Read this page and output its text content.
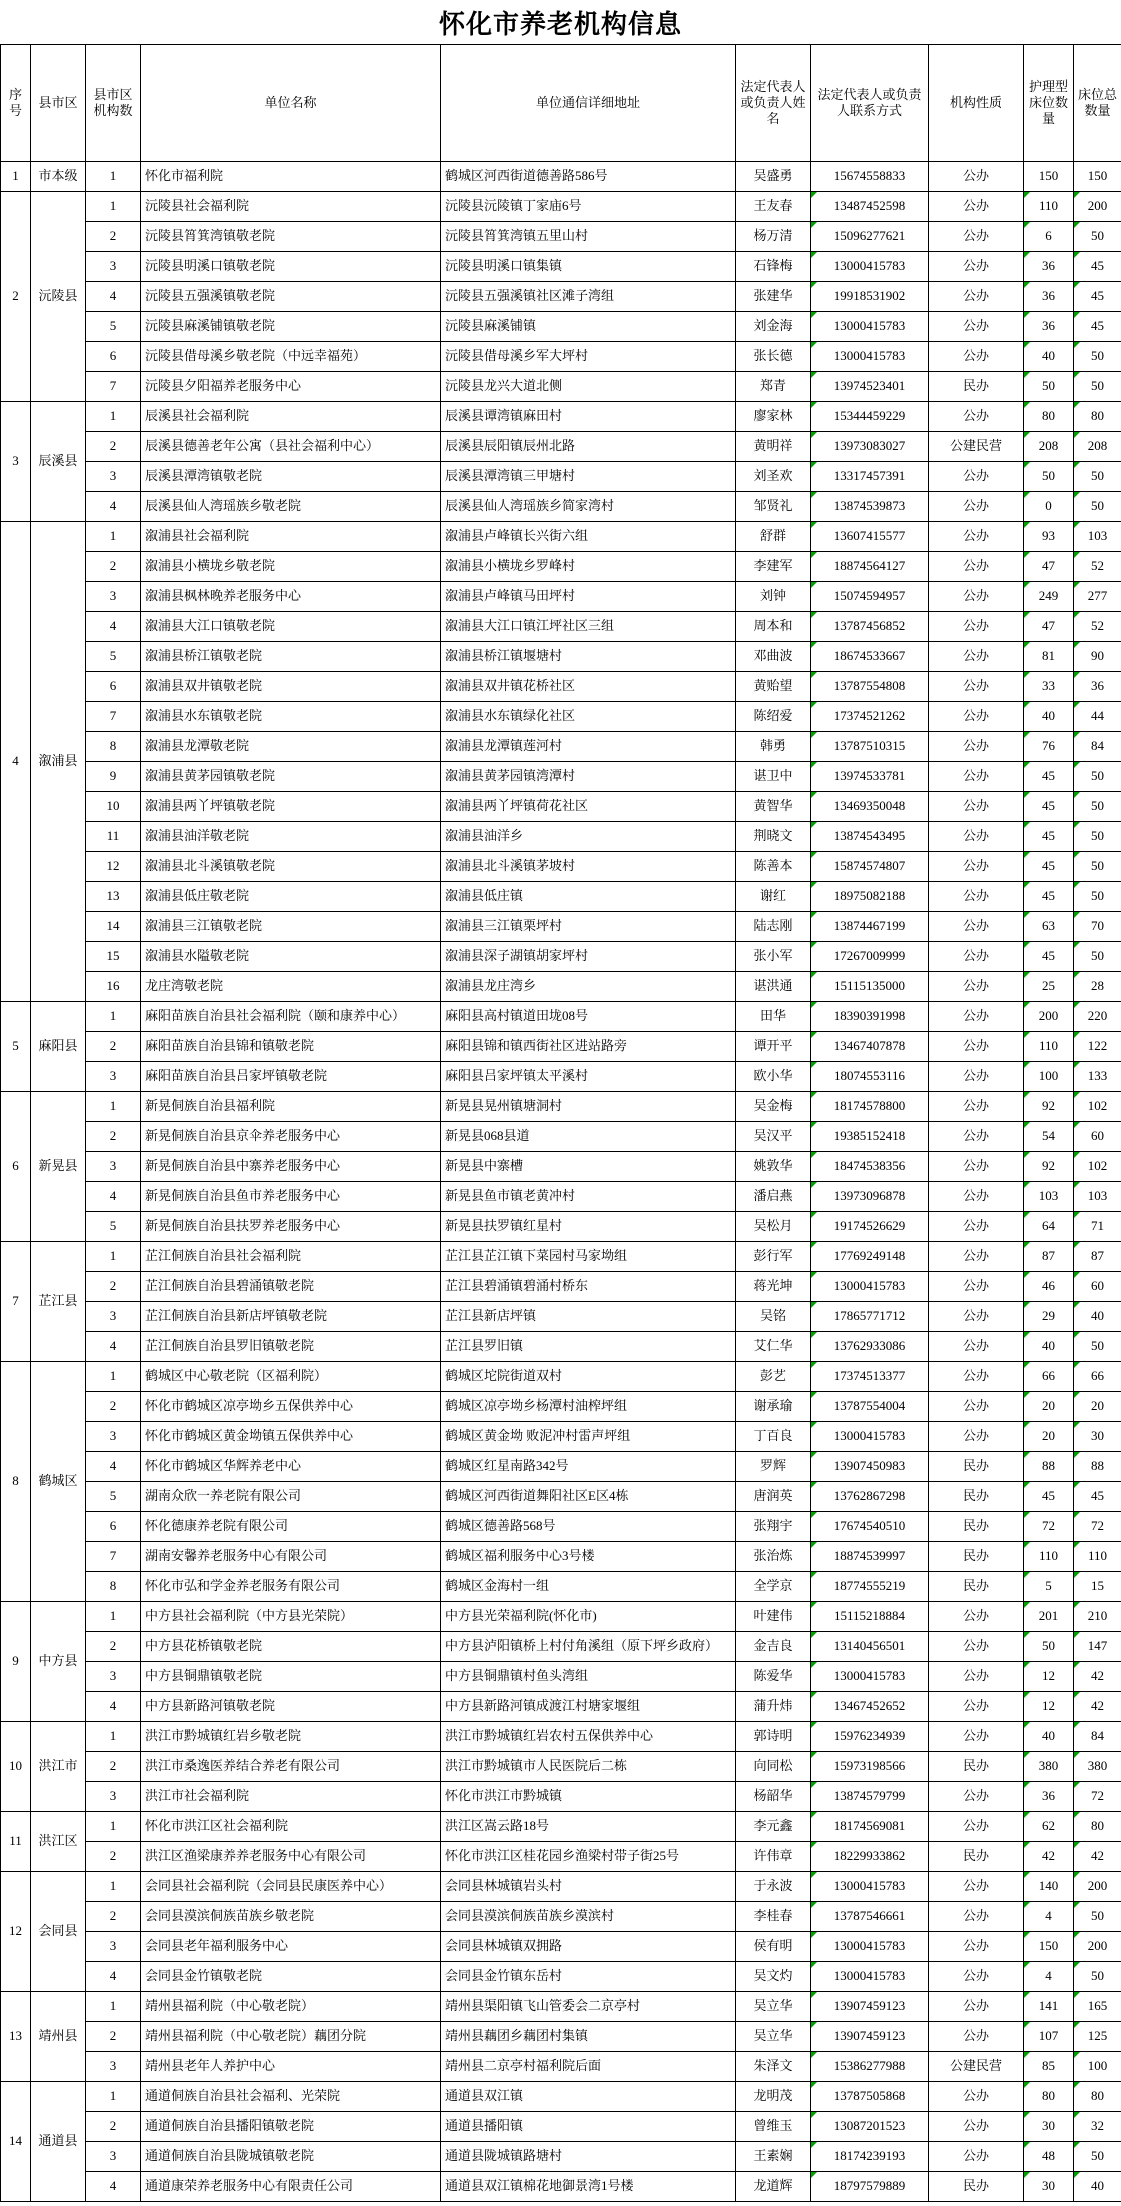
怀化市养老机构信息
序号	县市区	县市区机构数	单位名称	单位通信详细地址	法定代表人或负责人姓名	法定代表人或负责人联系方式	机构性质	护理型床位数量	床位总数量
1	市本级	1	怀化市福利院	鹤城区河西街道德善路586号	吴盛勇	15674558833	公办	150	150
2	沅陵县	1	沅陵县社会福利院	沅陵县沅陵镇丁家庙6号	王友春	13487452598	公办	110	200
		2	沅陵县筲箕湾镇敬老院	沅陵县筲箕湾镇五里山村	杨万清	15096277621	公办	6	50
		3	沅陵县明溪口镇敬老院	沅陵县明溪口镇集镇	石锋梅	13000415783	公办	36	45
		4	沅陵县五强溪镇敬老院	沅陵县五强溪镇社区滩子湾组	张建华	19918531902	公办	36	45
		5	沅陵县麻溪铺镇敬老院	沅陵县麻溪铺镇	刘金海	13000415783	公办	36	45
		6	沅陵县借母溪乡敬老院（中远幸福苑）	沅陵县借母溪乡军大坪村	张长德	13000415783	公办	40	50
		7	沅陵县夕阳福养老服务中心	沅陵县龙兴大道北侧	郑青	13974523401	民办	50	50
3	辰溪县	1	辰溪县社会福利院	辰溪县谭湾镇麻田村	廖家林	15344459229	公办	80	80
		2	辰溪县德善老年公寓（县社会福利中心）	辰溪县辰阳镇辰州北路	黄明祥	13973083027	公建民营	208	208
		3	辰溪县潭湾镇敬老院	辰溪县潭湾镇三甲塘村	刘圣欢	13317457391	公办	50	50
		4	辰溪县仙人湾瑶族乡敬老院	辰溪县仙人湾瑶族乡简家湾村	邹贤礼	13874539873	公办	0	50
4	溆浦县	1	溆浦县社会福利院	溆浦县卢峰镇长兴街六组	舒群	13607415577	公办	93	103
		2	溆浦县小横垅乡敬老院	溆浦县小横垅乡罗峰村	李建军	18874564127	公办	47	52
		3	溆浦县枫林晚养老服务中心	溆浦县卢峰镇马田坪村	刘钟	15074594957	公办	249	277
		4	溆浦县大江口镇敬老院	溆浦县大江口镇江坪社区三组	周本和	13787456852	公办	47	52
		5	溆浦县桥江镇敬老院	溆浦县桥江镇堰塘村	邓曲波	18674533667	公办	81	90
		6	溆浦县双井镇敬老院	溆浦县双井镇花桥社区	黄贻望	13787554808	公办	33	36
		7	溆浦县水东镇敬老院	溆浦县水东镇绿化社区	陈绍爱	17374521262	公办	40	44
		8	溆浦县龙潭敬老院	溆浦县龙潭镇莲河村	韩勇	13787510315	公办	76	84
		9	溆浦县黄茅园镇敬老院	溆浦县黄茅园镇湾潭村	谌卫中	13974533781	公办	45	50
		10	溆浦县两丫坪镇敬老院	溆浦县两丫坪镇荷花社区	黄智华	13469350048	公办	45	50
		11	溆浦县油洋敬老院	溆浦县油洋乡	荆晓文	13874543495	公办	45	50
		12	溆浦县北斗溪镇敬老院	溆浦县北斗溪镇茅坡村	陈善本	15874574807	公办	45	50
		13	溆浦县低庄敬老院	溆浦县低庄镇	谢红	18975082188	公办	45	50
		14	溆浦县三江镇敬老院	溆浦县三江镇栗坪村	陆志刚	13874467199	公办	63	70
		15	溆浦县水隘敬老院	溆浦县深子湖镇胡家坪村	张小军	17267009999	公办	45	50
		16	龙庄湾敬老院	溆浦县龙庄湾乡	谌洪通	15115135000	公办	25	28
5	麻阳县	1	麻阳苗族自治县社会福利院（颐和康养中心）	麻阳县高村镇道田垅08号	田华	18390391998	公办	200	220
		2	麻阳苗族自治县锦和镇敬老院	麻阳县锦和镇西街社区进站路旁	谭开平	13467407878	公办	110	122
		3	麻阳苗族自治县吕家坪镇敬老院	麻阳县吕家坪镇太平溪村	欧小华	18074553116	公办	100	133
6	新晃县	1	新晃侗族自治县福利院	新晃县晃州镇塘洞村	吴金梅	18174578800	公办	92	102
		2	新晃侗族自治县京伞养老服务中心	新晃县068县道	吴汉平	19385152418	公办	54	60
		3	新晃侗族自治县中寨养老服务中心	新晃县中寨槽	姚敦华	18474538356	公办	92	102
		4	新晃侗族自治县鱼市养老服务中心	新晃县鱼市镇老黄冲村	潘启燕	13973096878	公办	103	103
		5	新晃侗族自治县扶罗养老服务中心	新晃县扶罗镇红星村	吴松月	19174526629	公办	64	71
7	芷江县	1	芷江侗族自治县社会福利院	芷江县芷江镇下菜园村马家坳组	彭行军	17769249148	公办	87	87
		2	芷江侗族自治县碧涌镇敬老院	芷江县碧涌镇碧涌村桥东	蒋光坤	13000415783	公办	46	60
		3	芷江侗族自治县新店坪镇敬老院	芷江县新店坪镇	吴铭	17865771712	公办	29	40
		4	芷江侗族自治县罗旧镇敬老院	芷江县罗旧镇	艾仁华	13762933086	公办	40	50
8	鹤城区	1	鹤城区中心敬老院（区福利院）	鹤城区坨院街道双村	彭艺	17374513377	公办	66	66
		2	怀化市鹤城区凉亭坳乡五保供养中心	鹤城区凉亭坳乡杨潭村油榨坪组	谢承瑜	13787554004	公办	20	20
		3	怀化市鹤城区黄金坳镇五保供养中心	鹤城区黄金坳 败泥冲村雷声坪组	丁百良	13000415783	公办	20	30
		4	怀化市鹤城区华辉养老中心	鹤城区红星南路342号	罗辉	13907450983	民办	88	88
		5	湖南众欣一养老院有限公司	鹤城区河西街道舞阳社区E区4栋	唐润英	13762867298	民办	45	45
		6	怀化德康养老院有限公司	鹤城区德善路568号	张翔宇	17674540510	民办	72	72
		7	湖南安馨养老服务中心有限公司	鹤城区福利服务中心3号楼	张治炼	18874539997	民办	110	110
		8	怀化市弘和学金养老服务有限公司	鹤城区金海村一组	全学京	18774555219	民办	5	15
9	中方县	1	中方县社会福利院（中方县光荣院）	中方县光荣福利院(怀化市)	叶建伟	15115218884	公办	201	210
		2	中方县花桥镇敬老院	中方县泸阳镇桥上村付角溪组（原下坪乡政府）	金吉良	13140456501	公办	50	147
		3	中方县铜鼎镇敬老院	中方县铜鼎镇村鱼头湾组	陈爱华	13000415783	公办	12	42
		4	中方县新路河镇敬老院	中方县新路河镇成渡江村塘家堰组	蒲升炜	13467452652	公办	12	42
10	洪江市	1	洪江市黔城镇红岩乡敬老院	洪江市黔城镇红岩农村五保供养中心	郭诗明	15976234939	公办	40	84
		2	洪江市桑逸医养结合养老有限公司	洪江市黔城镇市人民医院后二栋	向同松	15973198566	民办	380	380
		3	洪江市社会福利院	怀化市洪江市黔城镇	杨韶华	13874579799	公办	36	72
11	洪江区	1	怀化市洪江区社会福利院	洪江区嵩云路18号	李元鑫	18174569081	公办	62	80
		2	洪江区渔梁康养养老服务中心有限公司	怀化市洪江区桂花园乡渔梁村带子街25号	许伟章	18229933862	民办	42	42
12	会同县	1	会同县社会福利院（会同县民康医养中心）	会同县林城镇岩头村	于永波	13000415783	公办	140	200
		2	会同县漠滨侗族苗族乡敬老院	会同县漠滨侗族苗族乡漠滨村	李桂春	13787546661	公办	4	50
		3	会同县老年福利服务中心	会同县林城镇双拥路	侯有明	13000415783	公办	150	200
		4	会同县金竹镇敬老院	会同县金竹镇东岳村	吴文灼	13000415783	公办	4	50
13	靖州县	1	靖州县福利院（中心敬老院）	靖州县渠阳镇飞山管委会二京亭村	吴立华	13907459123	公办	141	165
		2	靖州县福利院（中心敬老院）藕团分院	靖州县藕团乡藕团村集镇	吴立华	13907459123	公办	107	125
		3	靖州县老年人养护中心	靖州县二京亭村福利院后面	朱泽文	15386277988	公建民营	85	100
14	通道县	1	通道侗族自治县社会福利、光荣院	通道县双江镇	龙明茂	13787505868	公办	80	80
		2	通道侗族自治县播阳镇敬老院	通道县播阳镇	曾维玉	13087201523	公办	30	32
		3	通道侗族自治县陇城镇敬老院	通道县陇城镇路塘村	王素娴	18174239193	公办	48	50
		4	通道康荣养老服务中心有限责任公司	通道县双江镇棉花地御景湾1号楼	龙道辉	18797579889	民办	30	40
